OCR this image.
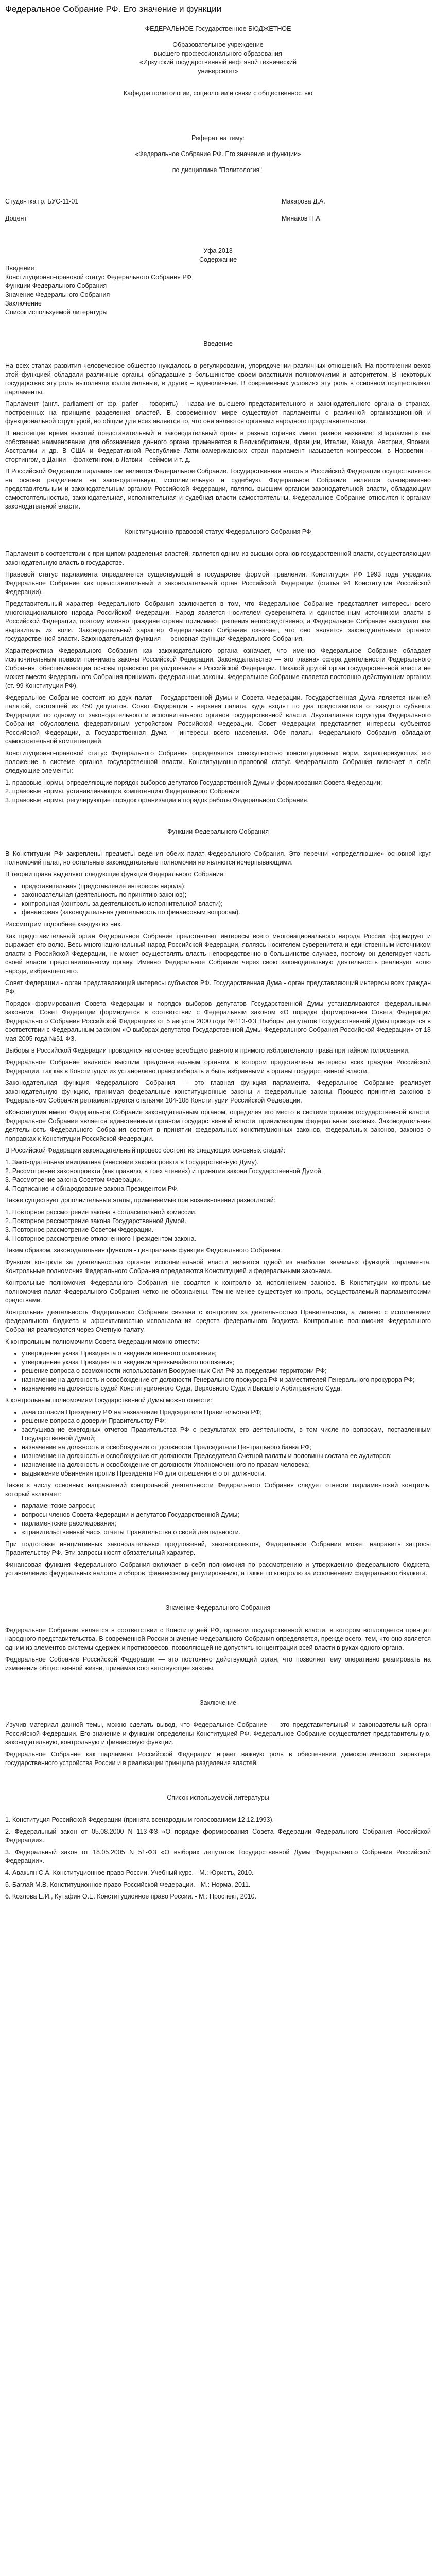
Федеральное Собрание РФ. Его значение и функции
ФЕДЕРАЛЬНОЕ Государственное БЮДЖЕТНОЕ
Образовательное учреждение
высшего профессионального образования
«Иркутский государственный нефтяной технический
университет»
Кафедра политологии, социологии и связи с общественностью
Реферат на тему:
«Федеральное Собрание РФ. Его значение и функции»
по дисциплине "Политология".
Студентка гр. БУС-11-01	Макарова Д.А.
Доцент	Минаков П.А.
Уфа 2013
Содержание
Введение
Конституционно-правовой статус Федерального Собрания РФ
Функции Федерального Собрания
Значение Федерального Собрания
Заключение
Список используемой литературы
Введение

На всех этапах развития человеческое общество нуждалось в регулировании, упорядочении различных отношений. На протяжении веков этой функцией обладали различные органы, обладавшие в большинстве своем властными полномочиями и авторитетом. В некоторых государствах эту роль выполняли коллегиальные, в других – единоличные. В современных условиях эту роль в основном осуществляют парламенты.

Парламент (англ. parliament от фр. parler – говорить) - название высшего представительного и законодательного органа в странах, построенных на принципе разделения властей. В современном мире существуют парламенты с различной организационной и функциональной структурой, но общим для всех является то, что они являются органами народного представительства.

В настоящее время высший представительный и законодательный орган в разных странах имеет разное название: «Парламент» как собственно наименование для обозначения данного органа применяется в Великобритании, Франции, Италии, Канаде, Австрии, Японии, Австралии и др. В США и Федеративной Республике Латиноамериканских стран парламент называется конгрессом, в Норвегии – стортингом, в Дании – фолкетингом, в Латвии – сеймом и т. д.

В Российской Федерации парламентом является Федеральное Собрание. Государственная власть в Российской Федерации осуществляется на основе разделения на законодательную, исполнительную и судебную. Федеральное Собрание является одновременно представительным и законодательным органом Российской Федерации, являясь высшим органом законодательной власти, обладающим самостоятельностью, законодательная, исполнительная и судебная власти самостоятельны. Федеральное Собрание относится к органам законодательной власти.

Конституционно-правовой статус Федерального Собрания РФ

Парламент в соответствии с принципом разделения властей, является одним из высших органов государственной власти, осуществляющим законодательную власть в государстве.

Правовой статус парламента определяется существующей в государстве формой правления. Конституция РФ 1993 года учредила Федеральное Собрание как представительный и законодательный орган Российской Федерации (статья 94 Конституции Российской Федерации).

Представительный характер Федерального Собрания заключается в том, что Федеральное Собрание представляет интересы всего многонационального народа Российской Федерации. Народ является носителем суверенитета и единственным источником власти в Российской Федерации, поэтому именно граждане страны принимают решения непосредственно, а Федеральное Собрание выступает как выразитель их воли. Законодательный характер Федерального Собрания означает, что оно является законодательным органом государственной власти. Законодательная функция — основная функция Федерального Собрания.

Характеристика Федерального Собрания как законодательного органа означает, что именно Федеральное Собрание обладает исключительным правом принимать законы Российской Федерации. Законодательство — это главная сфера деятельности Федерального Собрания, обеспечивающая основы правового регулирования в Российской Федерации. Никакой другой орган государственной власти не может вместо Федерального Собрания принимать федеральные законы. Федеральное Собрание является постоянно действующим органом (ст. 99 Конституции РФ).

Федеральное Собрание состоит из двух палат - Государственной Думы и Совета Федерации. Государственная Дума является нижней палатой, состоящей из 450 депутатов. Совет Федерации - верхняя палата, куда входят по два представителя от каждого субъекта Федерации: по одному от законодательного и исполнительного органов государственной власти. Двухпалатная структура Федерального Собрания обусловлена федеративным устройством Российской Федерации. Совет Федерации представляет интересы субъектов Российской Федерации, а Государственная Дума - интересы всего населения. Обе палаты Федерального Собрания обладают самостоятельной компетенцией.

Конституционно-правовой статус Федерального Собрания определяется совокупностью конституционных норм, характеризующих его положение в системе органов государственной власти. Конституционно-правовой статус Федерального Собрания включает в себя следующие элементы:

1. правовые нормы, определяющие порядок выборов депутатов Государственной Думы и формирования Совета Федерации;

2. правовые нормы, устанавливающие компетенцию Федерального Собрания;

3. правовые нормы, регулирующие порядок организации и порядок работы Федерального Собрания.

Функции Федерального Собрания

В Конституции РФ закреплены предметы ведения обеих палат Федерального Собрания. Это перечни «определяющие» основной круг полномочий палат, но остальные законодательные полномочия не являются исчерпывающими.

В теории права выделяют следующие функции Федерального Собрания:

• представительная (представление интересов народа);
• законодательная (деятельность по принятию законов);
• контрольная (контроль за деятельностью исполнительной власти);
• финансовая (законодательная деятельность по финансовым вопросам).

Рассмотрим подробнее каждую из них.

Как представительный орган Федеральное Собрание представляет интересы всего многонационального народа России, формирует и выражает его волю. Весь многонациональный народ Российской Федерации, являясь носителем суверенитета и единственным источником власти в Российской Федерации, не может осуществлять власть непосредственно в большинстве случаев, поэтому он делегирует часть своей власти представительному органу. Именно Федеральное Собрание через свою законодательную деятельность реализует волю народа, избравшего его.

Совет Федерации - орган представляющий интересы субъектов РФ. Государственная Дума - орган представляющий интересы всех граждан РФ.

Порядок формирования Совета Федерации и порядок выборов депутатов Государственной Думы устанавливаются федеральными законами. Совет Федерации формируется в соответствии с Федеральным законом «О порядке формирования Совета Федерации Федерального Собрания Российской Федерации» от 5 августа 2000 года №113-ФЗ. Выборы депутатов Государственной Думы проводятся в соответствии с Федеральным законом «О выборах депутатов Государственной Думы Федерального Собрания Российской Федерации» от 18 мая 2005 года №51-ФЗ.

Выборы в Российской Федерации проводятся на основе всеобщего равного и прямого избирательного права при тайном голосовании.

Федеральное Собрание является высшим представительным органом, в котором представлены интересы всех граждан Российской Федерации, так как в Конституции их установлено право избирать и быть избранными в органы государственной власти.

Законодательная функция Федерального Собрания — это главная функция парламента. Федеральное Собрание реализует законодательную функцию, принимая федеральные конституционные законы и федеральные законы. Процесс принятия законов в Федеральном Собрании регламентируется статьями 104-108 Конституции Российской Федерации.

«Конституция имеет Федеральное Собрание законодательным органом, определяя его место в системе органов государственной власти. Федеральное Собрание является единственным органом государственной власти, принимающим федеральные законы». Законодательная деятельность Федерального Собрания состоит в принятии федеральных конституционных законов, федеральных законов, законов о поправках к Конституции Российской Федерации.

В Российской Федерации законодательный процесс состоит из следующих основных стадий:

1. Законодательная инициатива (внесение законопроекта в Государственную Думу).

2. Рассмотрение законопроекта (как правило, в трех чтениях) и принятие закона Государственной Думой.

3. Рассмотрение закона Советом Федерации.

4. Подписание и обнародование закона Президентом РФ.

Также существует дополнительные этапы, применяемые при возникновении разногласий:

1. Повторное рассмотрение закона в согласительной комиссии.

2. Повторное рассмотрение закона Государственной Думой.

3. Повторное рассмотрение Советом Федерации.

4. Повторное рассмотрение отклоненного Президентом закона.

Таким образом, законодательная функция - центральная функция Федерального Собрания.

Функция контроля за деятельностью органов исполнительной власти является одной из наиболее значимых функций парламента. Контрольные полномочия Федерального Собрания определяются Конституцией и федеральными законами.

Контрольные полномочия Федерального Собрания не сводятся к контролю за исполнением законов. В Конституции контрольные полномочия палат Федерального Собрания четко не обозначены. Тем не менее существует контроль, осуществляемый парламентскими средствами.

Контрольная деятельность Федерального Собрания связана с контролем за деятельностью Правительства, а именно с исполнением федерального бюджета и эффективностью использования средств федерального бюджета. Контрольные полномочия Федерального Собрания реализуются через Счетную палату.

К контрольным полномочиям Совета Федерации можно отнести:

• утверждение указа Президента о введении военного положения;
• утверждение указа Президента о введении чрезвычайного положения;
• решение вопроса о возможности использования Вооруженных Сил РФ за пределами территории РФ;
• назначение на должность и освобождение от должности Генерального прокурора РФ и заместителей Генерального прокурора РФ;
• назначение на должность судей Конституционного Суда, Верховного Суда и Высшего Арбитражного Суда.

К контрольным полномочиям Государственной Думы можно отнести:

• дача согласия Президенту РФ на назначение Председателя Правительства РФ;
• решение вопроса о доверии Правительству РФ;
• заслушивание ежегодных отчетов Правительства РФ о результатах его деятельности, в том числе по вопросам, поставленным Государственной Думой;
• назначение на должность и освобождение от должности Председателя Центрального банка РФ;
• назначение на должность и освобождение от должности Председателя Счетной палаты и половины состава ее аудиторов;
• назначение на должность и освобождение от должности Уполномоченного по правам человека;
• выдвижение обвинения против Президента РФ для отрешения его от должности.

Также к числу основных направлений контрольной деятельности Федерального Собрания следует отнести парламентский контроль, который включает:

• парламентские запросы;
• вопросы членов Совета Федерации и депутатов Государственной Думы;
• парламентские расследования;
• «правительственный час», отчеты Правительства о своей деятельности.

При подготовке инициативных законодательных предложений, законопроектов, Федеральное Собрание может направить запросы Правительству РФ. Эти запросы носят обязательный характер.

Финансовая функция Федерального Собрания включает в себя полномочия по рассмотрению и утверждению федерального бюджета, установлению федеральных налогов и сборов, финансовому регулированию, а также по контролю за исполнением федерального бюджета.

Значение Федерального Собрания

Федеральное Собрание является в соответствии с Конституцией РФ, органом государственной власти, в котором воплощается принцип народного представительства. В современной России значение Федерального Собрания определяется, прежде всего, тем, что оно является одним из элементов системы сдержек и противовесов, позволяющей не допустить концентрации всей власти в руках одного органа.

Федеральное Собрание Российской Федерации — это постоянно действующий орган, что позволяет ему оперативно реагировать на изменения общественной жизни, принимая соответствующие законы.

Заключение

Изучив материал данной темы, можно сделать вывод, что Федеральное Собрание — это представительный и законодательный орган Российской Федерации. Его значение и функции определены Конституцией РФ. Федеральное Собрание осуществляет представительную, законодательную, контрольную и финансовую функции.

Федеральное Собрание как парламент Российской Федерации играет важную роль в обеспечении демократического характера государственного устройства России и в реализации принципа разделения властей.

Список используемой литературы

1. Конституция Российской Федерации (принята всенародным голосованием 12.12.1993).

2. Федеральный закон от 05.08.2000 N 113-ФЗ «О порядке формирования Совета Федерации Федерального Собрания Российской Федерации».

3. Федеральный закон от 18.05.2005 N 51-ФЗ «О выборах депутатов Государственной Думы Федерального Собрания Российской Федерации».

4. Авакьян С.А. Конституционное право России. Учебный курс. - М.: Юристъ, 2010.

5. Баглай М.В. Конституционное право Российской Федерации. - М.: Норма, 2011.

6. Козлова Е.И., Кутафин О.Е. Конституционное право России. - М.: Проспект, 2010.
